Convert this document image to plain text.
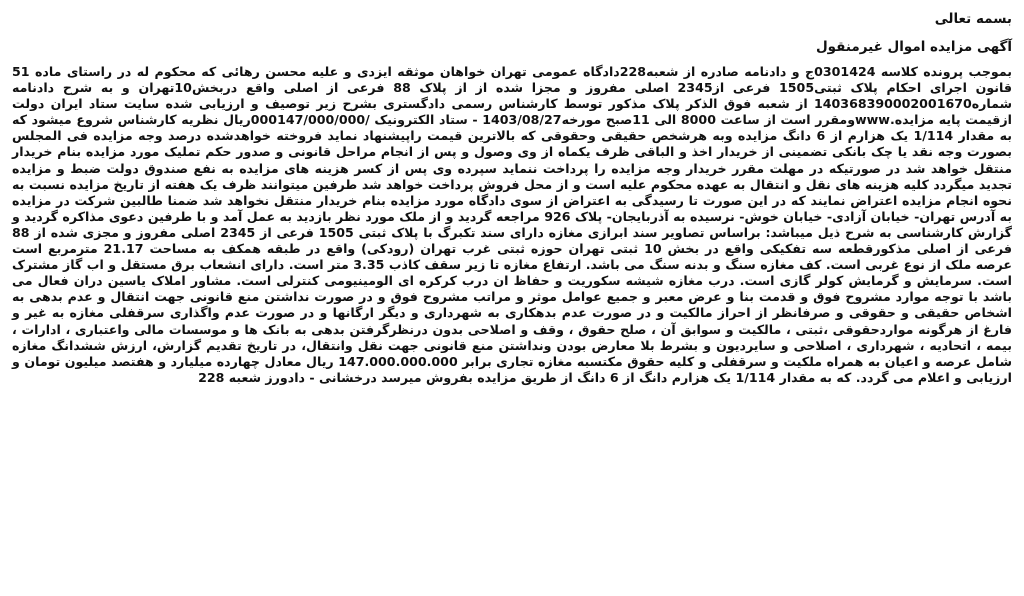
بسمه تعالی

آگهی مزایده اموال غیرمنقول

بموجب پرونده کلاسه 0301424ج و دادنامه صادره از شعبه228دادگاه عمومی تهران خواهان موثقه ایزدی و علیه محسن رهائی که محکوم له در راستای ماده 51 قانون اجرای احکام پلاک ثبتی1505 فرعی از2345 اصلی مفروز و مجزا شده از از پلاک 88 فرعی از اصلی واقع دربخش10تهران و به شرح دادنامه شماره140368390002001670 از شعبه فوق الذکر پلاک مذکور توسط کارشناس رسمی دادگستری بشرح زیر توصیف و ارزیابی شده سایت ستاد ایران دولت ازقیمت پایه مزایده.wwwومقرر است از ساعت 8000 الی 11صبح مورخه1403/08/27 - ستاد الکترونیک /000147/000/000ریال نظریه کارشناس شروع میشود که به مقدار 1/114 یک هزارم از 6 دانگ مزایده وبه هرشخص حقیقی وحقوقی که بالاترین قیمت راپیشنهاد نماید فروخته خواهدشده درصد وجه مزایده فی المجلس بصورت وجه نقد یا چک بانکی تضمینی از خریدار اخذ و الباقی ظرف یکماه از وی وصول و پس از انجام مراحل قانونی و صدور حکم تملیک مورد مزایده بنام خریدار منتقل خواهد شد در صورتیکه در مهلت مقرر خریدار وجه مزایده را پرداخت ننماید سپرده وی پس از کسر هزینه های مزایده به نفع صندوق دولت ضبط و مزایده تجدید میگردد کلیه هزینه های نقل و انتقال به عهده محکوم علیه است و از محل فروش پرداخت خواهد شد طرفین میتوانند ظرف یک هفته از تاریخ مزایده نسبت به نحوه انجام مزایده اعتراض نمایند که در این صورت تا رسیدگی به اعتراض از سوی دادگاه مورد مزایده بنام خریدار منتقل نخواهد شد ضمنا طالبین شرکت در مزایده به آدرس تهران- خیابان آزادی- خیابان خوش- نرسیده به آذربایجان- پلاک 926 مراجعه گردید و از ملک مورد نظر بازدید به عمل آمد و با طرفین دعوی مذاکره گردید و گزارش کارشناسی به شرح ذیل میباشد: براساس تصاویر سند ابرازی مغازه دارای سند تکبرگ با پلاک ثبتی 1505 فرعی از 2345 اصلی مفروز و مجزی شده از 88 فرعی از اصلی مذکورقطعه سه تفکیکی واقع در بخش 10 ثبتی تهران حوزه ثبتی غرب تهران (رودکی) واقع در طبقه همکف به مساحت 21.17 مترمربع است عرصه ملک از نوع غربی است. کف مغازه سنگ و بدنه سنگ می باشد. ارتفاع مغازه تا زیر سقف کاذب 3.35 متر است. دارای انشعاب برق مستقل و اب گاز مشترک است. سرمایش و گرمایش کولر گازی است. درب مغازه شیشه سکوریت و حفاظ ان درب کرکره ای الومینیومی کنترلی است. مشاور املاک یاسین دران فعال می باشد با توجه موارد مشروح فوق و قدمت بنا و عرض معبر و جمیع عوامل موثر و مراتب مشروح فوق و در صورت نداشتن منع قانونی جهت انتقال و عدم بدهی به اشخاص حقیقی و حقوقی و صرفانظر از احراز مالکیت و در صورت عدم بدهکاری به شهرداری و دیگر ارگانها و در صورت عدم واگذاری سرقفلی مغازه به غیر و فارغ از هرگونه مواردحقوقی ،ثبتی ، مالکیت و سوابق آن ، صلح حقوق ، وقف و اصلاحی بدون درنظرگرفتن بدهی به بانک ها و موسسات مالی واعتباری ، ادارات ، بیمه ، اتحادیه ، شهرداری ، اصلاحی و سایردیون و بشرط بلا معارض بودن ونداشتن منع قانونی جهت نقل وانتقال، در تاریخ تقدیم گزارش، ارزش ششدانگ مغازه شامل عرصه و اعیان به همراه ملکیت و سرقفلی و کلیه حقوق مکتسبه مغازه تجاری برابر 147.000.000.000 ریال معادل چهارده میلیارد و هفتصد میلیون تومان و ارزیابی و اعلام می گردد. که به مقدار 1/114 یک هزارم دانگ از 6 دانگ از طریق مزایده بفروش میرسد درخشانی - دادورز شعبه 228
